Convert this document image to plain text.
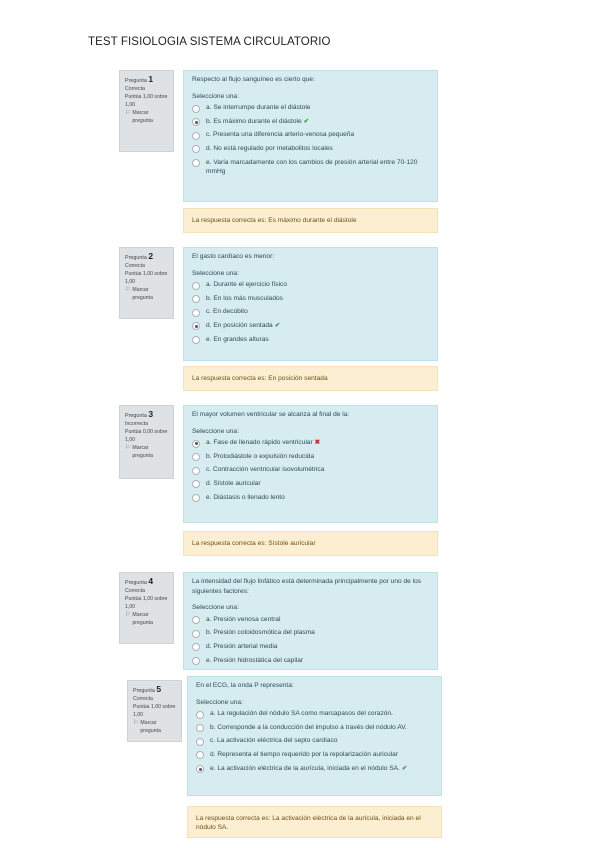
TEST FISIOLOGIA SISTEMA CIRCULATORIO
Pregunta 1
Correcta
Puntúa 1,00 sobre 1,00
⚐ Marcar pregunta
Respecto al flujo sanguíneo es cierto que:
Seleccione una:
a. Se interrumpe durante el diástole
b. Es máximo durante el diástole ✔
c. Presenta una diferencia arterio-venosa pequeña
d. No está regulado por metabolitos locales
e. Varía marcadamente con los cambios de presión arterial entre 70-120 mmHg
La respuesta correcta es: Es máximo durante el diástole
Pregunta 2
Correcta
Puntúa 1,00 sobre 1,00
⚐ Marcar pregunta
El gasto cardíaco es menor:
Seleccione una:
a. Durante el ejercicio físico
b. En los más musculados
c. En decúbito
d. En posición sentada ✔
e. En grandes alturas
La respuesta correcta es: En posición sentada
Pregunta 3
Incorrecta
Puntúa 0,00 sobre 1,00
⚐ Marcar pregunta
El mayor volumen ventricular se alcanza al final de la:
Seleccione una:
a. Fase de llenado rápido ventricular ✖
b. Protodiástole o expulsión reducida
c. Contracción ventricular isovolumétrica
d. Sístole auricular
e. Diástasis o llenado lento
La respuesta correcta es: Sístole auricular
Pregunta 4
Correcta
Puntúa 1,00 sobre 1,00
⚐ Marcar pregunta
La intensidad del flujo linfático está determinada principalmente por uno de los siguientes factores:
Seleccione una:
a. Presión venosa central
b. Presión coloidosmótica del plasma
d. Presión arterial media
e. Presión hidrostática del capilar
Pregunta 5
Correcta
Puntúa 1,00 sobre 1,00
⚐ Marcar pregunta
En el ECG, la onda P representa:
Seleccione una:
a. La regulación del nódulo SA como marcapasos del corazón.
b. Corresponde a la conducción del impulso a través del nódulo AV.
c. La activación eléctrica del septo cardíaco
d. Representa el tiempo requerido por la repolarización auricular
e. La activación eléctrica de la aurícula, iniciada en el nódulo SA. ✔
La respuesta correcta es: La activación eléctrica de la aurícula, iniciada en el nódulo SA.
